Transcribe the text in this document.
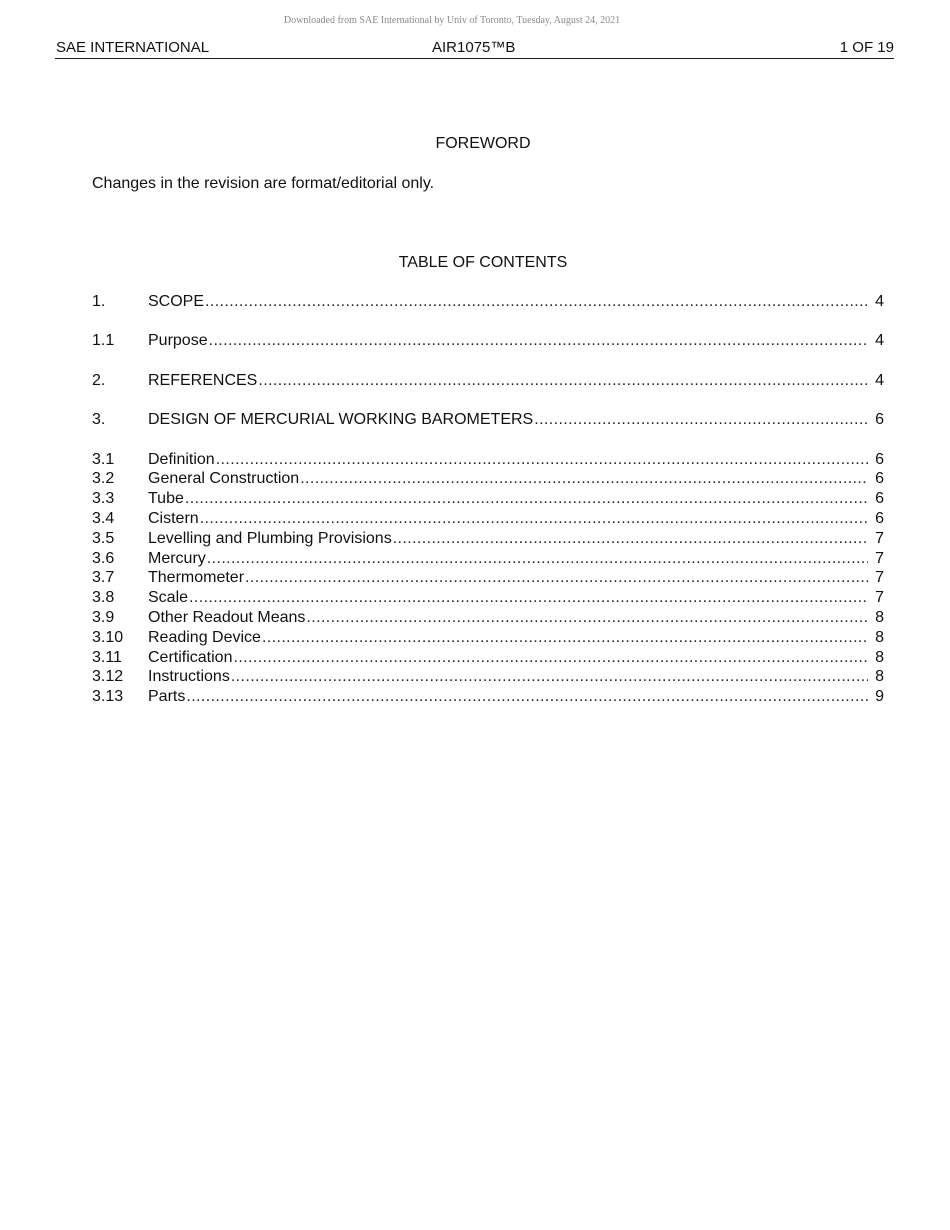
Downloaded from SAE International by Univ of Toronto, Tuesday, August 24, 2021
SAE INTERNATIONAL	AIR1075™B	1 OF 19
FOREWORD
Changes in the revision are format/editorial only.
TABLE OF CONTENTS
1.	SCOPE .....	4
1.1	Purpose .....	4
2.	REFERENCES .....	4
3.	DESIGN OF MERCURIAL WORKING BAROMETERS .....	6
3.1	Definition .....	6
3.2	General Construction .....	6
3.3	Tube .....	6
3.4	Cistern .....	6
3.5	Levelling and Plumbing Provisions .....	7
3.6	Mercury .....	7
3.7	Thermometer .....	7
3.8	Scale .....	7
3.9	Other Readout Means .....	8
3.10	Reading Device .....	8
3.11	Certification .....	8
3.12	Instructions .....	8
3.13	Parts .....	9
